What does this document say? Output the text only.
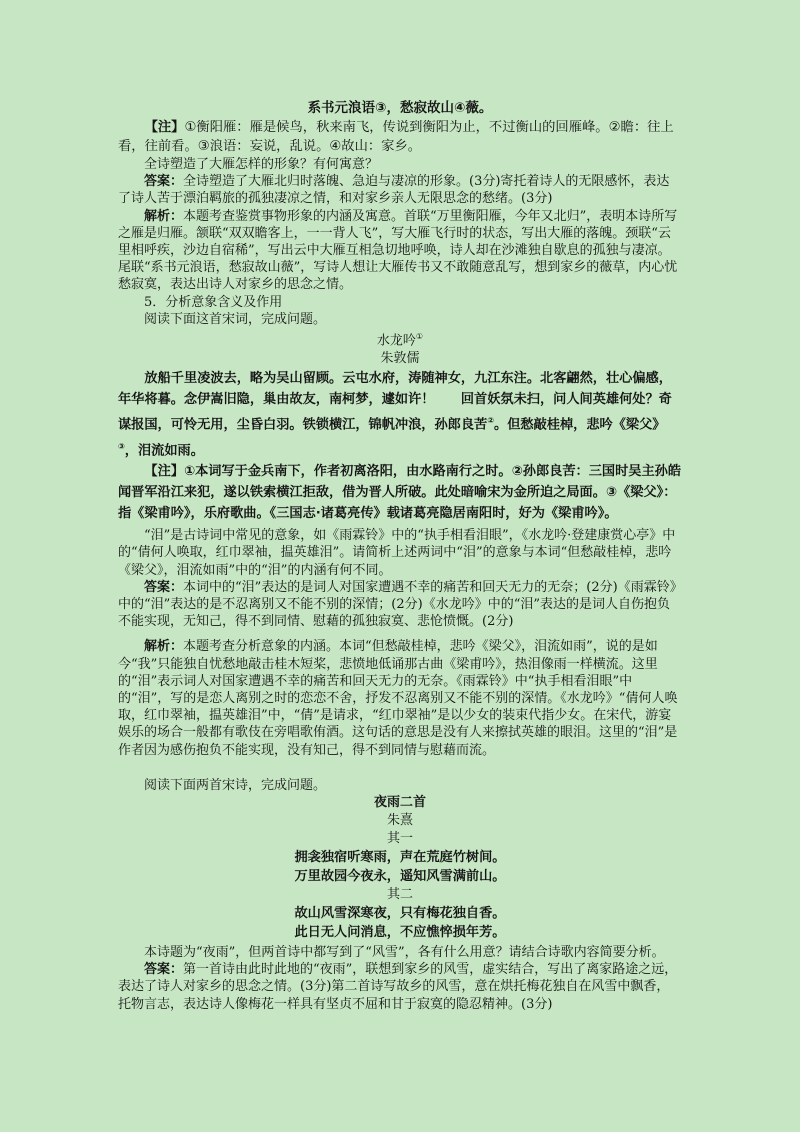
系书元浪语③，愁寂故山④薇。

【注】①衡阳雁：雁是候鸟，秋来南飞，传说到衡阳为止，不过衡山的回雁峰。②瞻：往上看，往前看。③浪语：妄说，乱说。④故山：家乡。

全诗塑造了大雁怎样的形象？有何寓意？

答案：全诗塑造了大雁北归时落魄、急迫与凄凉的形象。(3分)寄托着诗人的无限感怀，表达了诗人苦于漂泊羁旅的孤独凄凉之情，和对家乡亲人无限思念的愁绪。(3分)

解析：本题考查鉴赏事物形象的内涵及寓意。首联“万里衡阳雁，今年又北归”，表明本诗所写之雁是归雁。颔联“双双瞻客上，一一背人飞”，写大雁飞行时的状态，写出大雁的落魄。颈联“云里相呼疾，沙边自宿稀”，写出云中大雁互相急切地呼唤，诗人却在沙滩独自歇息的孤独与凄凉。尾联“系书元浪语，愁寂故山薇”，写诗人想让大雁传书又不敢随意乱写，想到家乡的薇草，内心忧愁寂寞，表达出诗人对家乡的思念之情。

5．分析意象含义及作用

阅读下面这首宋词，完成问题。

水龙吟①

朱敦儒

放船千里凌波去，略为吴山留顾。云屯水府，涛随神女，九江东注。北客翩然，壮心偏感，年华将暮。念伊嵩旧隐，巢由故友，南柯梦，遽如许！　　回首妖氛未扫，问人间英雄何处？奇谋报国，可怜无用，尘昏白羽。铁锁横江，锦帆冲浪，孙郎良苦②。但愁敲桂棹，悲吟《梁父》③，泪流如雨。

【注】①本词写于金兵南下，作者初离洛阳，由水路南行之时。②孙郎良苦：三国时吴主孙皓闻晋军沿江来犯，遂以铁索横江拒敌，借为晋人所破。此处暗喻宋为金所迫之局面。③《梁父》：指《梁甫吟》，乐府歌曲。《三国志·诸葛亮传》载诸葛亮隐居南阳时，好为《梁甫吟》。

“泪”是古诗词中常见的意象，如《雨霖铃》中的“执手相看泪眼”，《水龙吟·登建康赏心亭》中的“倩何人唤取，红巾翠袖，揾英雄泪”。请简析上述两词中“泪”的意象与本词“但愁敲桂棹，悲吟《梁父》，泪流如雨”中的“泪”的内涵有何不同。

答案：本词中的“泪”表达的是词人对国家遭遇不幸的痛苦和回天无力的无奈；(2分)《雨霖铃》中的“泪”表达的是不忍离别又不能不别的深情；(2分)《水龙吟》中的“泪”表达的是词人自伤抱负不能实现，无知己，得不到同情、慰藉的孤独寂寞、悲怆愤慨。(2分)

解析：本题考查分析意象的内涵。本词“但愁敲桂棹，悲吟《梁父》，泪流如雨”，说的是如今“我”只能独自忧愁地敲击桂木短桨，悲愤地低诵那古曲《梁甫吟》，热泪像雨一样横流。这里的“泪”表示词人对国家遭遇不幸的痛苦和回天无力的无奈。《雨霖铃》中“执手相看泪眼”中的“泪”，写的是恋人离别之时的恋恋不舍，抒发不忍离别又不能不别的深情。《水龙吟》“倩何人唤取，红巾翠袖，揾英雄泪”中，“倩”是请求，“红巾翠袖”是以少女的装束代指少女。在宋代，游宴娱乐的场合一般都有歌伎在旁唱歌侑酒。这句话的意思是没有人来擦拭英雄的眼泪。这里的“泪”是作者因为感伤抱负不能实现，没有知己，得不到同情与慰藉而流。

阅读下面两首宋诗，完成问题。

夜雨二首

朱熹

其一

拥衾独宿听寒雨，声在荒庭竹树间。

万里故园今夜永，遥知风雪满前山。

其二

故山风雪深寒夜，只有梅花独自香。

此日无人问消息，不应憔悴损年芳。

本诗题为“夜雨”，但两首诗中都写到了“风雪”，各有什么用意？请结合诗歌内容简要分析。

答案：第一首诗由此时此地的“夜雨”，联想到家乡的风雪，虚实结合，写出了离家路途之远，表达了诗人对家乡的思念之情。(3分)第二首诗写故乡的风雪，意在烘托梅花独自在风雪中飘香，托物言志，表达诗人像梅花一样具有坚贞不屈和甘于寂寞的隐忍精神。(3分)
